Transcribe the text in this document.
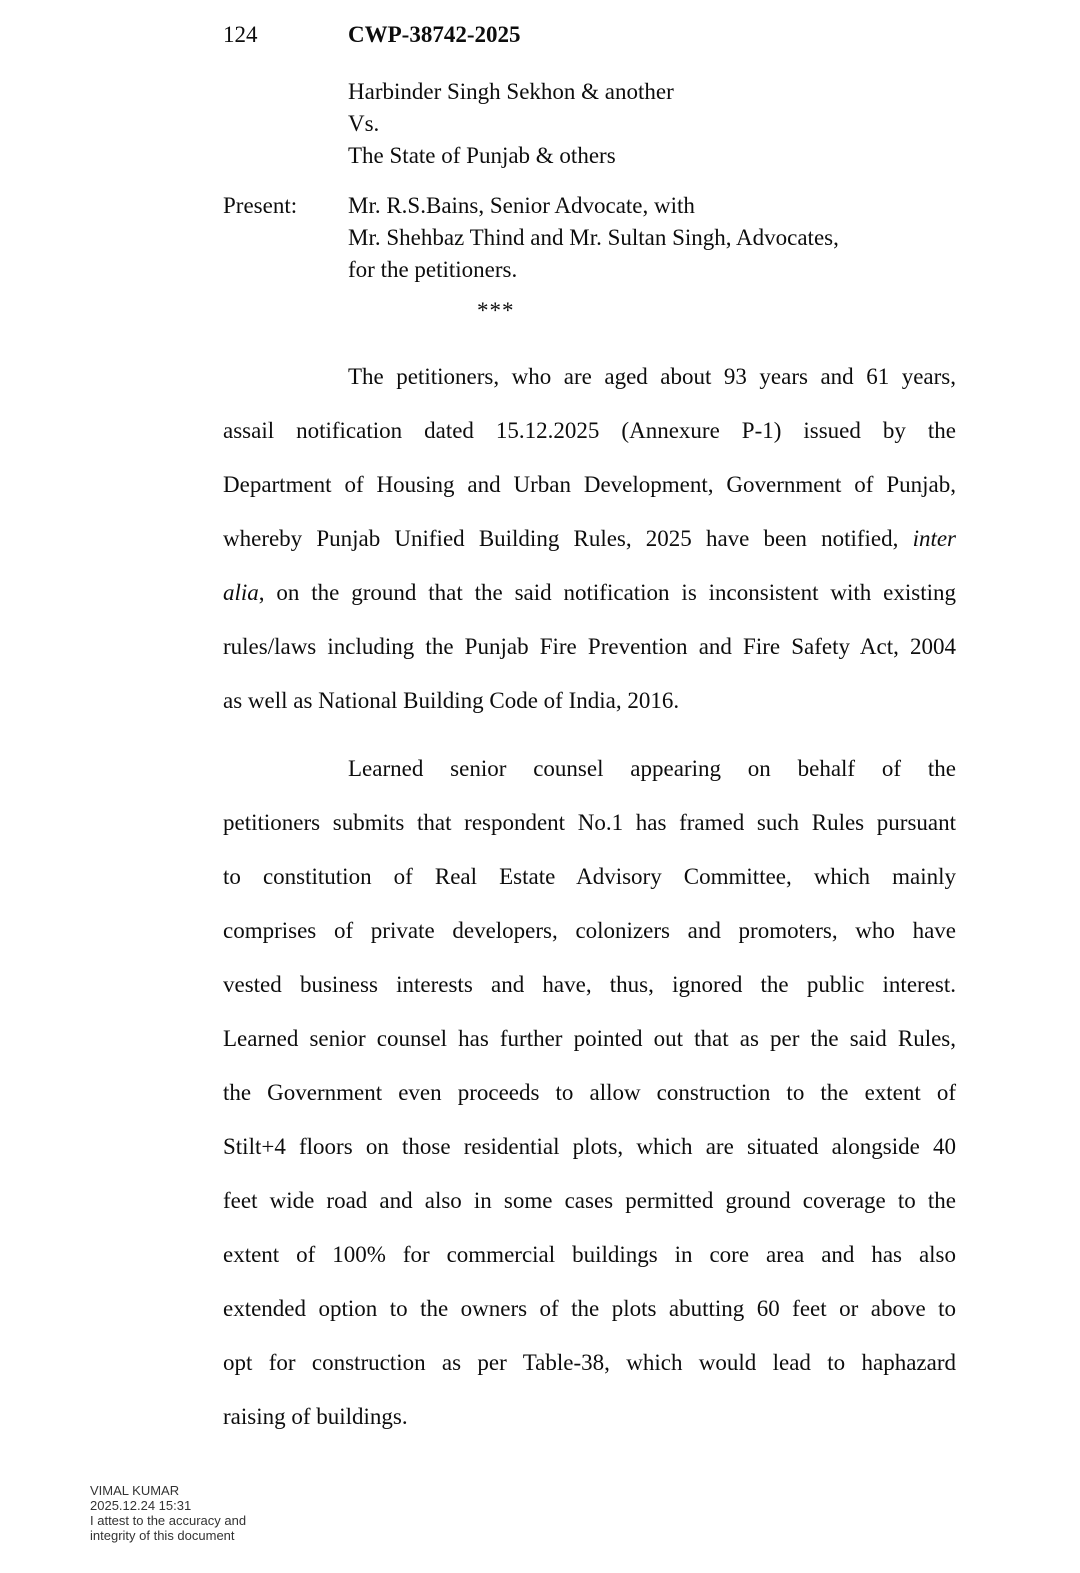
124	CWP-38742-2025
Harbinder Singh Sekhon & another
Vs.
The State of Punjab & others
Present:	Mr. R.S.Bains, Senior Advocate, with
Mr. Shehbaz Thind and Mr. Sultan Singh, Advocates,
for the petitioners.
***
The petitioners, who are aged about 93 years and 61 years,
assail notification dated 15.12.2025 (Annexure P-1) issued by the
Department of Housing and Urban Development, Government of Punjab,
whereby Punjab Unified Building Rules, 2025 have been notified, inter
alia, on the ground that the said notification is inconsistent with existing
rules/laws including the Punjab Fire Prevention and Fire Safety Act, 2004
as well as National Building Code of India, 2016.
Learned senior counsel appearing on behalf of the
petitioners submits that respondent No.1 has framed such Rules pursuant
to constitution of Real Estate Advisory Committee, which mainly
comprises of private developers, colonizers and promoters, who have
vested business interests and have, thus, ignored the public interest.
Learned senior counsel has further pointed out that as per the said Rules,
the Government even proceeds to allow construction to the extent of
Stilt+4 floors on those residential plots, which are situated alongside 40
feet wide road and also in some cases permitted ground coverage to the
extent of 100% for commercial buildings in core area and has also
extended option to the owners of the plots abutting 60 feet or above to
opt for construction as per Table-38, which would lead to haphazard
raising of buildings.
VIMAL KUMAR
2025.12.24 15:31
I attest to the accuracy and
integrity of this document
